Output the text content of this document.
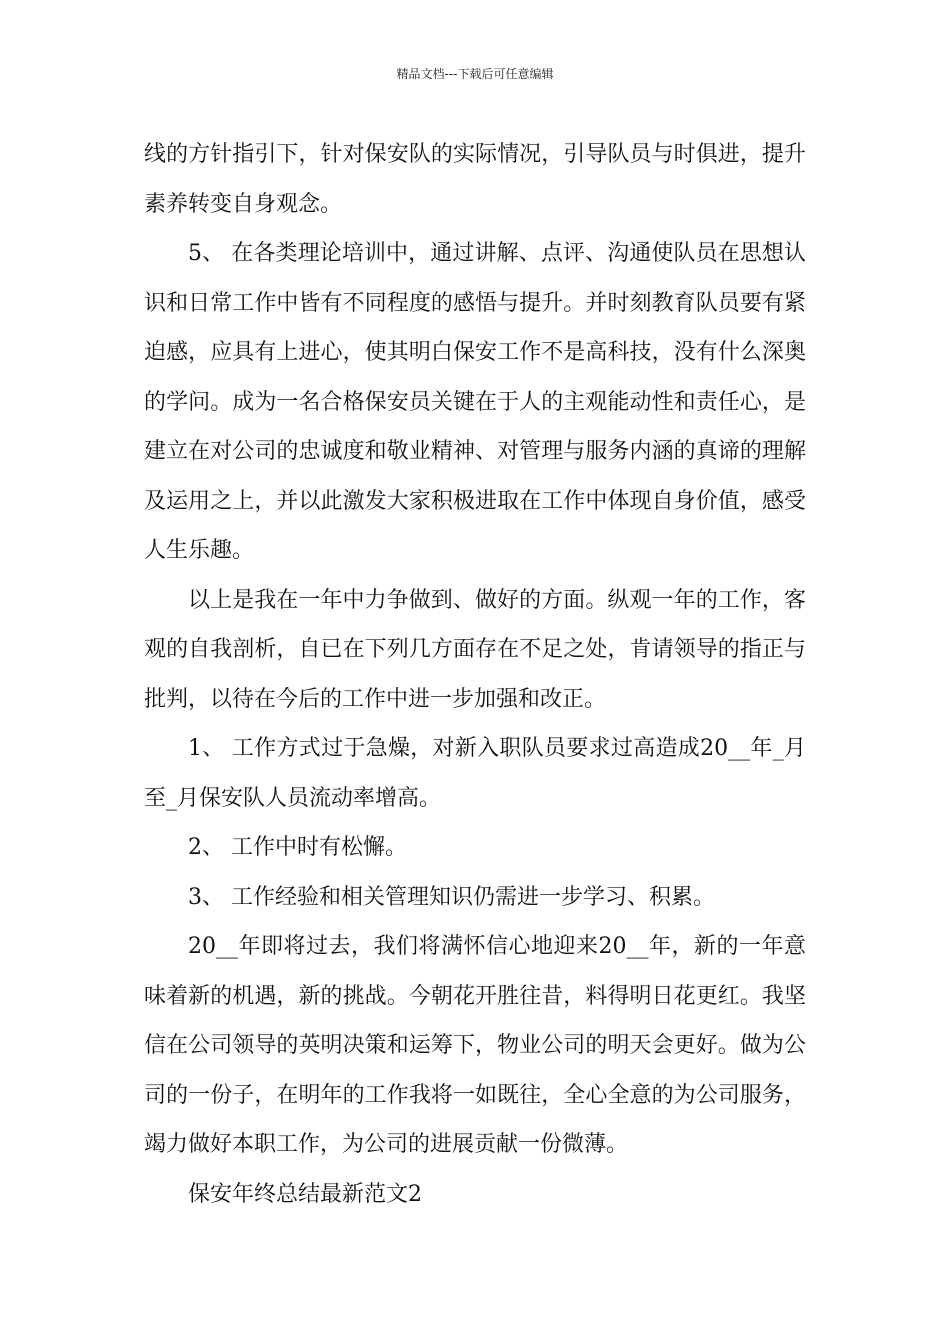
精品文档---下载后可任意编辑

线的方针指引下，针对保安队的实际情况，引导队员与时俱进，提升素养转变自身观念。

5、 在各类理论培训中，通过讲解、点评、沟通使队员在思想认识和日常工作中皆有不同程度的感悟与提升。并时刻教育队员要有紧迫感，应具有上进心，使其明白保安工作不是高科技，没有什么深奥的学问。成为一名合格保安员关键在于人的主观能动性和责任心，是建立在对公司的忠诚度和敬业精神、对管理与服务内涵的真谛的理解及运用之上，并以此激发大家积极进取在工作中体现自身价值，感受人生乐趣。

以上是我在一年中力争做到、做好的方面。纵观一年的工作，客观的自我剖析，自已在下列几方面存在不足之处，肯请领导的指正与批判，以待在今后的工作中进一步加强和改正。

1、 工作方式过于急燥，对新入职队员要求过高造成20__年_月至_月保安队人员流动率增高。

2、 工作中时有松懈。

3、 工作经验和相关管理知识仍需进一步学习、积累。

20__年即将过去，我们将满怀信心地迎来20__年，新的一年意味着新的机遇，新的挑战。今朝花开胜往昔，料得明日花更红。我坚信在公司领导的英明决策和运筹下，物业公司的明天会更好。做为公司的一份子，在明年的工作我将一如既往，全心全意的为公司服务，竭力做好本职工作，为公司的进展贡献一份微薄。

保安年终总结最新范文2
